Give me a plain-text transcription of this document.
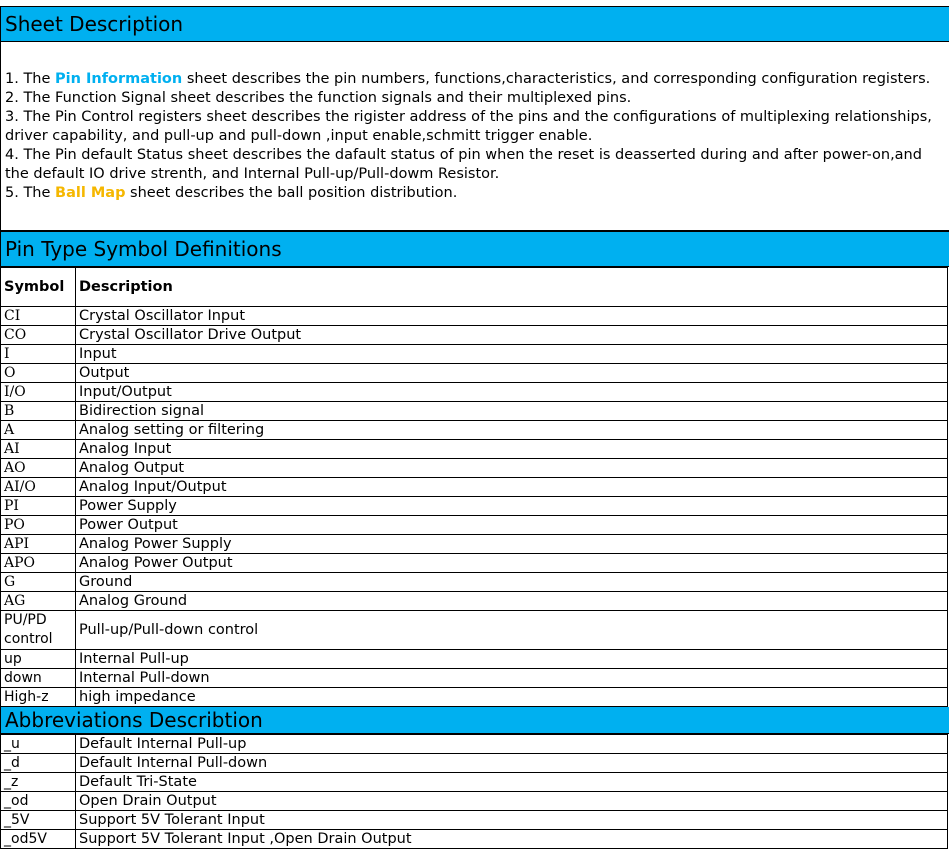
Sheet Description

1. The Pin Information sheet describes the pin numbers, functions,characteristics, and corresponding configuration registers.

2. The Function Signal sheet describes the function signals and their multiplexed pins.

3. The Pin Control registers sheet describes the rigister address of the pins and the configurations of multiplexing relationships, driver capability, and pull-up and pull-down ,input enable,schmitt trigger enable.

4. The Pin default Status sheet describes the dafault status of pin when the reset is deasserted during and after power-on,and the default IO drive strenth, and Internal Pull-up/Pull-dowm Resistor.

5. The Ball Map sheet describes the ball position distribution.

Pin Type Symbol Definitions
Symbol	Description
CI	Crystal Oscillator Input
CO	Crystal Oscillator Drive Output
I	Input
O	Output
I/O	Input/Output
B	Bidirection signal
A	Analog setting or filtering
AI	Analog Input
AO	Analog Output
AI/O	Analog Input/Output
PI	Power Supply
PO	Power Output
API	Analog Power Supply
APO	Analog Power Output
G	Ground
AG	Analog Ground
PU/PD control	Pull-up/Pull-down control
up	Internal Pull-up
down	Internal Pull-down
High-z	high impedance
Abbreviations Describtion
_u	Default Internal Pull-up
_d	Default Internal Pull-down
_z	Default Tri-State
_od	Open Drain Output
_5V	Support 5V Tolerant Input
_od5V	Support 5V Tolerant Input ,Open Drain Output
